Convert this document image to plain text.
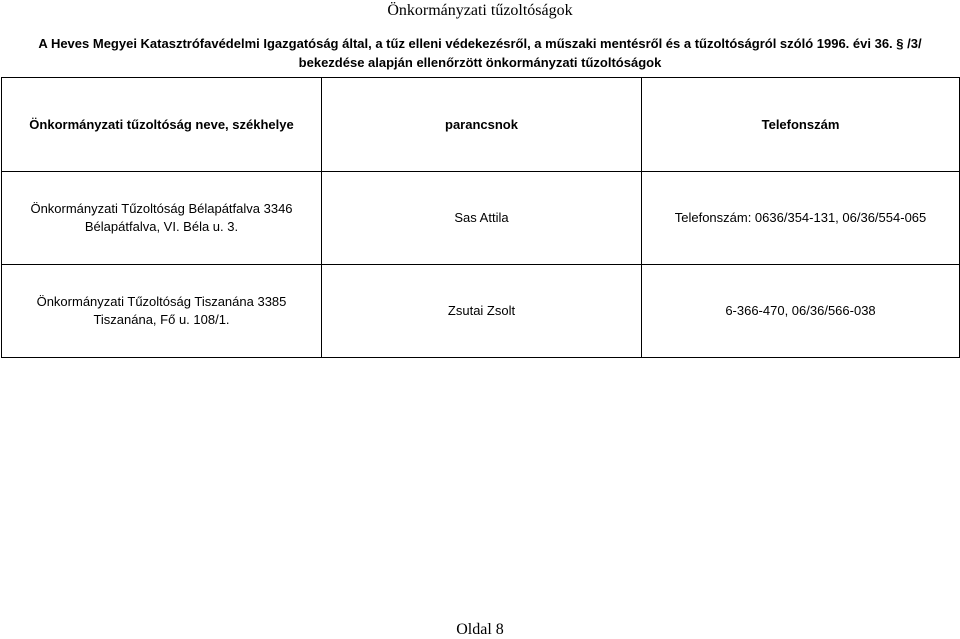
Önkormányzati tűzoltóságok
A Heves Megyei Katasztrófavédelmi Igazgatóság által, a tűz elleni védekezésről, a műszaki mentésről és a tűzoltóságról szóló 1996. évi 36. § /3/
bekezdése alapján ellenőrzött önkormányzati tűzoltóságok
Önkormányzati tűzoltóság neve, székhelye	parancsnok	Telefonszám

Önkormányzati Tűzoltóság Bélapátfalva 3346
Bélapátfalva, VI. Béla u. 3.	Sas Attila	Telefonszám: 0636/354-131, 06/36/554-065

Önkormányzati Tűzoltóság Tiszanána 3385
Tiszanána, Fő u. 108/1.	Zsutai Zsolt	6-366-470, 06/36/566-038
Oldal 8
